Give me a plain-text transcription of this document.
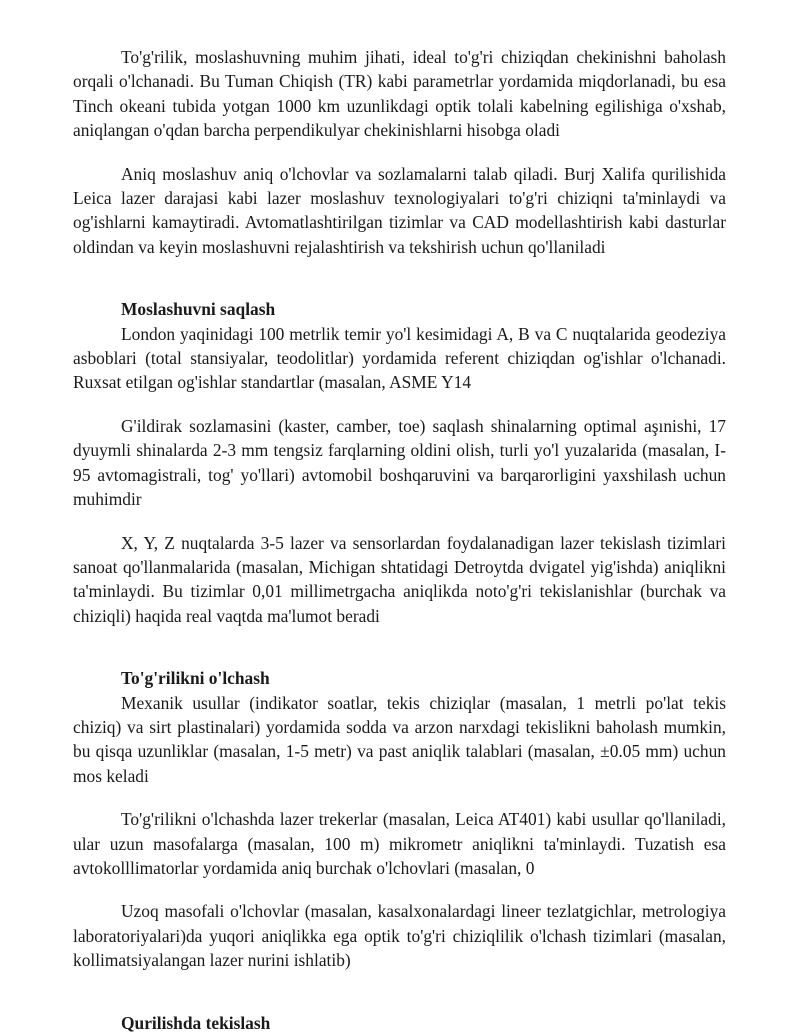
To'g'rilik, moslashuvning muhim jihati, ideal to'g'ri chiziqdan chekinishni baholash orqali o'lchanadi. Bu Tuman Chiqish (TR) kabi parametrlar yordamida miqdorlanadi, bu esa Tinch okeani tubida yotgan 1000 km uzunlikdagi optik tolali kabelning egilishiga o'xshab, aniqlangan o'qdan barcha perpendikulyar chekinishlarni hisobga oladi

Aniq moslashuv aniq o'lchovlar va sozlamalarni talab qiladi. Burj Xalifa qurilishida Leica lazer darajasi kabi lazer moslashuv texnologiyalari to'g'ri chiziqni ta'minlaydi va og'ishlarni kamaytiradi. Avtomatlashtirilgan tizimlar va CAD modellashtirish kabi dasturlar oldindan va keyin moslashuvni rejalashtirish va tekshirish uchun qo'llaniladi

Moslashuvni saqlash

London yaqinidagi 100 metrlik temir yo'l kesimidagi A, B va C nuqtalarida geodeziya asboblari (total stansiyalar, teodolitlar) yordamida referent chiziqdan og'ishlar o'lchanadi. Ruxsat etilgan og'ishlar standartlar (masalan, ASME Y14

G'ildirak sozlamasini (kaster, camber, toe) saqlash shinalarning optimal aşınishi, 17 dyuymli shinalarda 2-3 mm tengsiz farqlarning oldini olish, turli yo'l yuzalarida (masalan, I-95 avtomagistrali, tog' yo'llari) avtomobil boshqaruvini va barqarorligini yaxshilash uchun muhimdir

X, Y, Z nuqtalarda 3-5 lazer va sensorlardan foydalanadigan lazer tekislash tizimlari sanoat qo'llanmalarida (masalan, Michigan shtatidagi Detroytda dvigatel yig'ishda) aniqlikni ta'minlaydi. Bu tizimlar 0,01 millimetrgacha aniqlikda noto'g'ri tekislanishlar (burchak va chiziqli) haqida real vaqtda ma'lumot beradi

To'g'rilikni o'lchash

Mexanik usullar (indikator soatlar, tekis chiziqlar (masalan, 1 metrli po'lat tekis chiziq) va sirt plastinalari) yordamida sodda va arzon narxdagi tekislikni baholash mumkin, bu qisqa uzunliklar (masalan, 1-5 metr) va past aniqlik talablari (masalan, ±0.05 mm) uchun mos keladi

To'g'rilikni o'lchashda lazer trekerlar (masalan, Leica AT401) kabi usullar qo'llaniladi, ular uzun masofalarga (masalan, 100 m) mikrometr aniqlikni ta'minlaydi. Tuzatish esa avtokolllimatorlar yordamida aniq burchak o'lchovlari (masalan, 0

Uzoq masofali o'lchovlar (masalan, kasalxonalardagi lineer tezlatgichlar, metrologiya laboratoriyalari)da yuqori aniqlikka ega optik to'g'ri chiziqlilik o'lchash tizimlari (masalan, kollimatsiyalangan lazer nurini ishlatib)

Qurilishda tekislash
